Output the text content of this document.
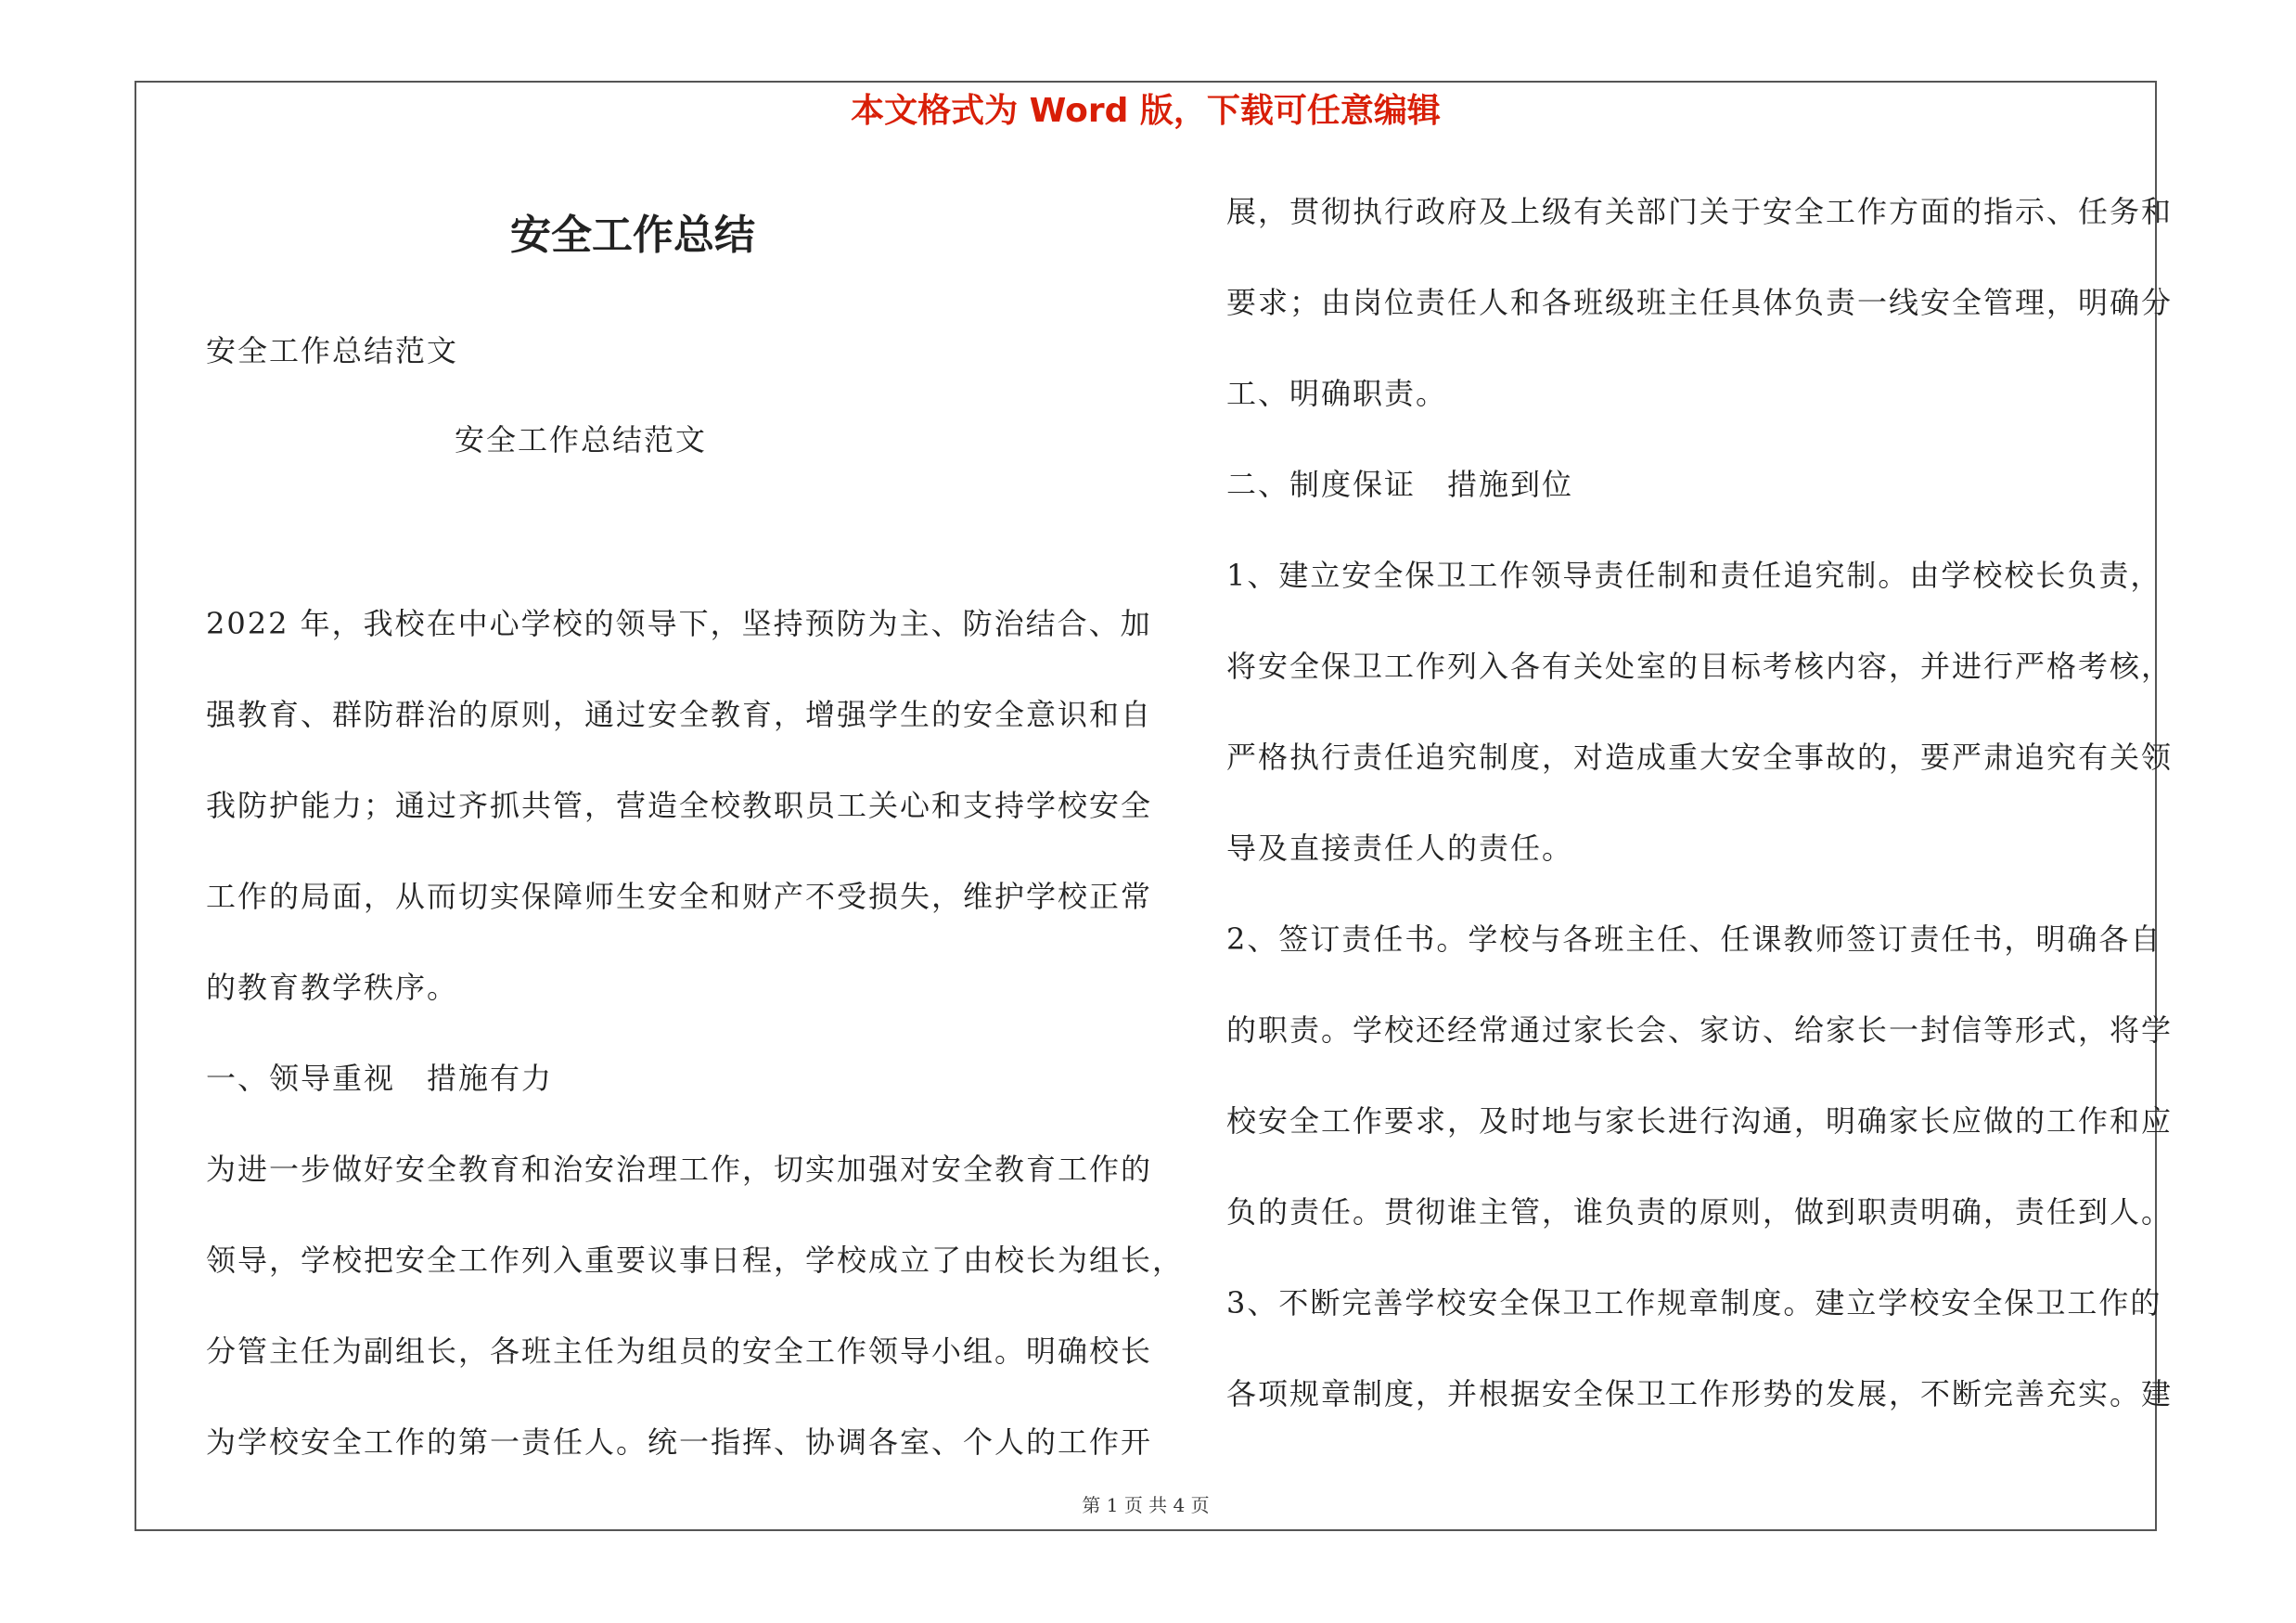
本文格式为 Word 版，下载可任意编辑
安全工作总结
安全工作总结范文
安全工作总结范文
2022 年，我校在中心学校的领导下，坚持预防为主、防治结合、加
强教育、群防群治的原则，通过安全教育，增强学生的安全意识和自
我防护能力；通过齐抓共管，营造全校教职员工关心和支持学校安全
工作的局面，从而切实保障师生安全和财产不受损失，维护学校正常
的教育教学秩序。
一、领导重视　措施有力
为进一步做好安全教育和治安治理工作，切实加强对安全教育工作的
领导，学校把安全工作列入重要议事日程，学校成立了由校长为组长，
分管主任为副组长，各班主任为组员的安全工作领导小组。明确校长
为学校安全工作的第一责任人。统一指挥、协调各室、个人的工作开
展，贯彻执行政府及上级有关部门关于安全工作方面的指示、任务和
要求；由岗位责任人和各班级班主任具体负责一线安全管理，明确分
工、明确职责。
二、制度保证　措施到位
1、建立安全保卫工作领导责任制和责任追究制。由学校校长负责，
将安全保卫工作列入各有关处室的目标考核内容，并进行严格考核，
严格执行责任追究制度，对造成重大安全事故的，要严肃追究有关领
导及直接责任人的责任。
2、签订责任书。学校与各班主任、任课教师签订责任书，明确各自
的职责。学校还经常通过家长会、家访、给家长一封信等形式，将学
校安全工作要求，及时地与家长进行沟通，明确家长应做的工作和应
负的责任。贯彻谁主管，谁负责的原则，做到职责明确，责任到人。
3、不断完善学校安全保卫工作规章制度。建立学校安全保卫工作的
各项规章制度，并根据安全保卫工作形势的发展，不断完善充实。建
第 1 页 共 4 页
